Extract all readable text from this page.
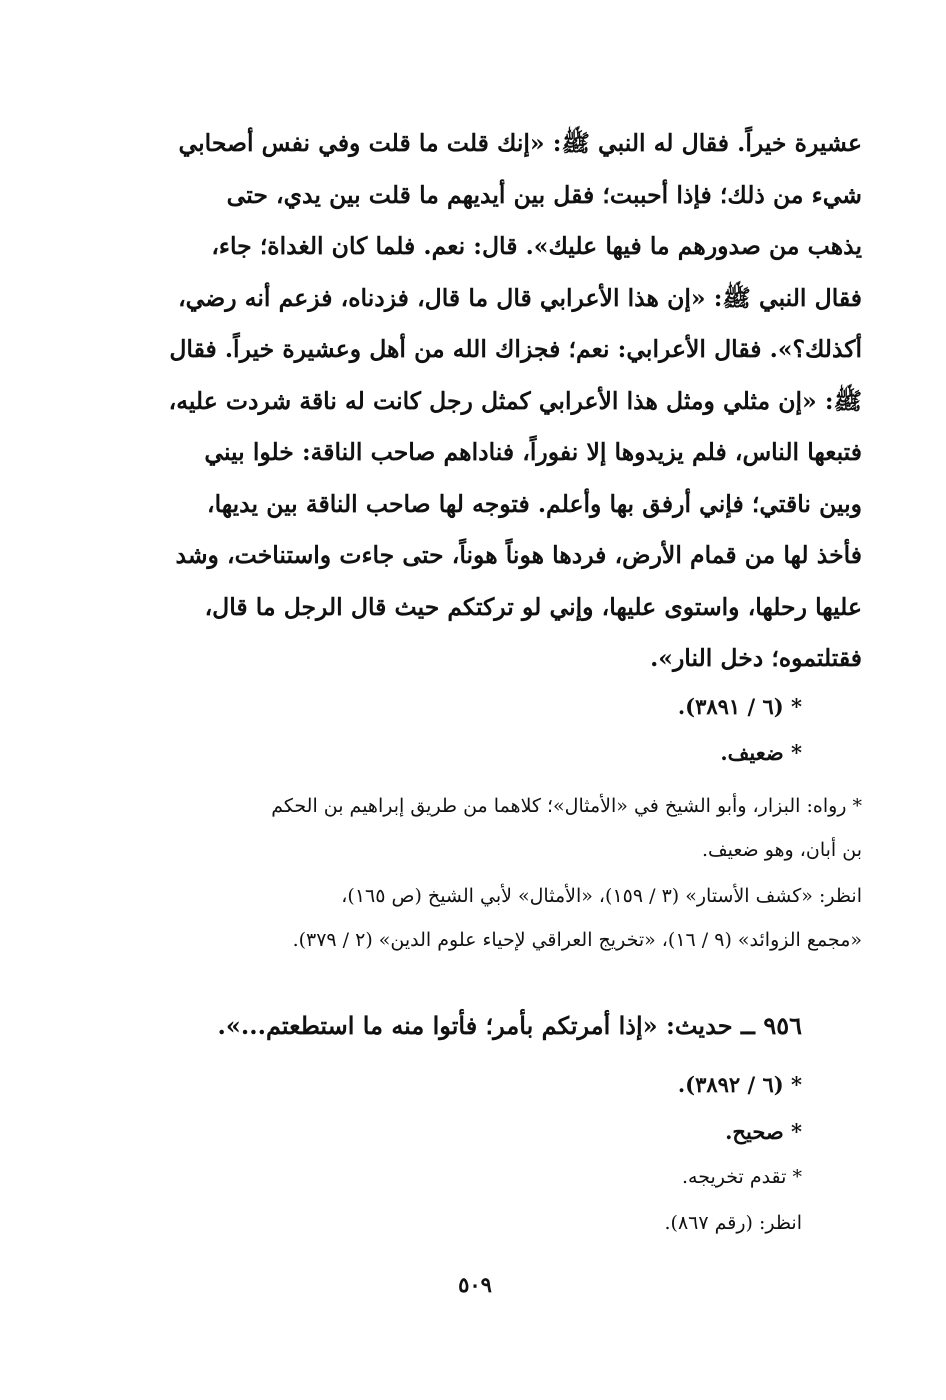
عشيرة خيراً. فقال له النبي ﷺ: «إنك قلت ما قلت وفي نفس أصحابي
شيء من ذلك؛ فإذا أحببت؛ فقل بين أيديهم ما قلت بين يدي، حتى
يذهب من صدورهم ما فيها عليك». قال: نعم. فلما كان الغداة؛ جاء،
فقال النبي ﷺ: «إن هذا الأعرابي قال ما قال، فزدناه، فزعم أنه رضي،
أكذلك؟». فقال الأعرابي: نعم؛ فجزاك الله من أهل وعشيرة خيراً. فقال
ﷺ: «إن مثلي ومثل هذا الأعرابي كمثل رجل كانت له ناقة شردت عليه،
فتبعها الناس، فلم يزيدوها إلا نفوراً، فناداهم صاحب الناقة: خلوا بيني
وبين ناقتي؛ فإني أرفق بها وأعلم. فتوجه لها صاحب الناقة بين يديها،
فأخذ لها من قمام الأرض، فردها هوناً هوناً، حتى جاءت واستناخت، وشد
عليها رحلها، واستوى عليها، وإني لو تركتكم حيث قال الرجل ما قال،
فقتلتموه؛ دخل النار».

* (٦ / ٣٨٩١).

* ضعيف.

* رواه: البزار، وأبو الشيخ في «الأمثال»؛ كلاهما من طريق إبراهيم بن الحكم
بن أبان، وهو ضعيف.
انظر: «كشف الأستار» (٣ / ١٥٩)، «الأمثال» لأبي الشيخ (ص ١٦٥)،
«مجمع الزوائد» (٩ / ١٦)، «تخريج العراقي لإحياء علوم الدين» (٢ / ٣٧٩).

٩٥٦ ــ حديث: «إذا أمرتكم بأمر؛ فأتوا منه ما استطعتم...».

* (٦ / ٣٨٩٢).

* صحيح.

* تقدم تخريجه.

انظر: (رقم ٨٦٧).

٥٠٩
